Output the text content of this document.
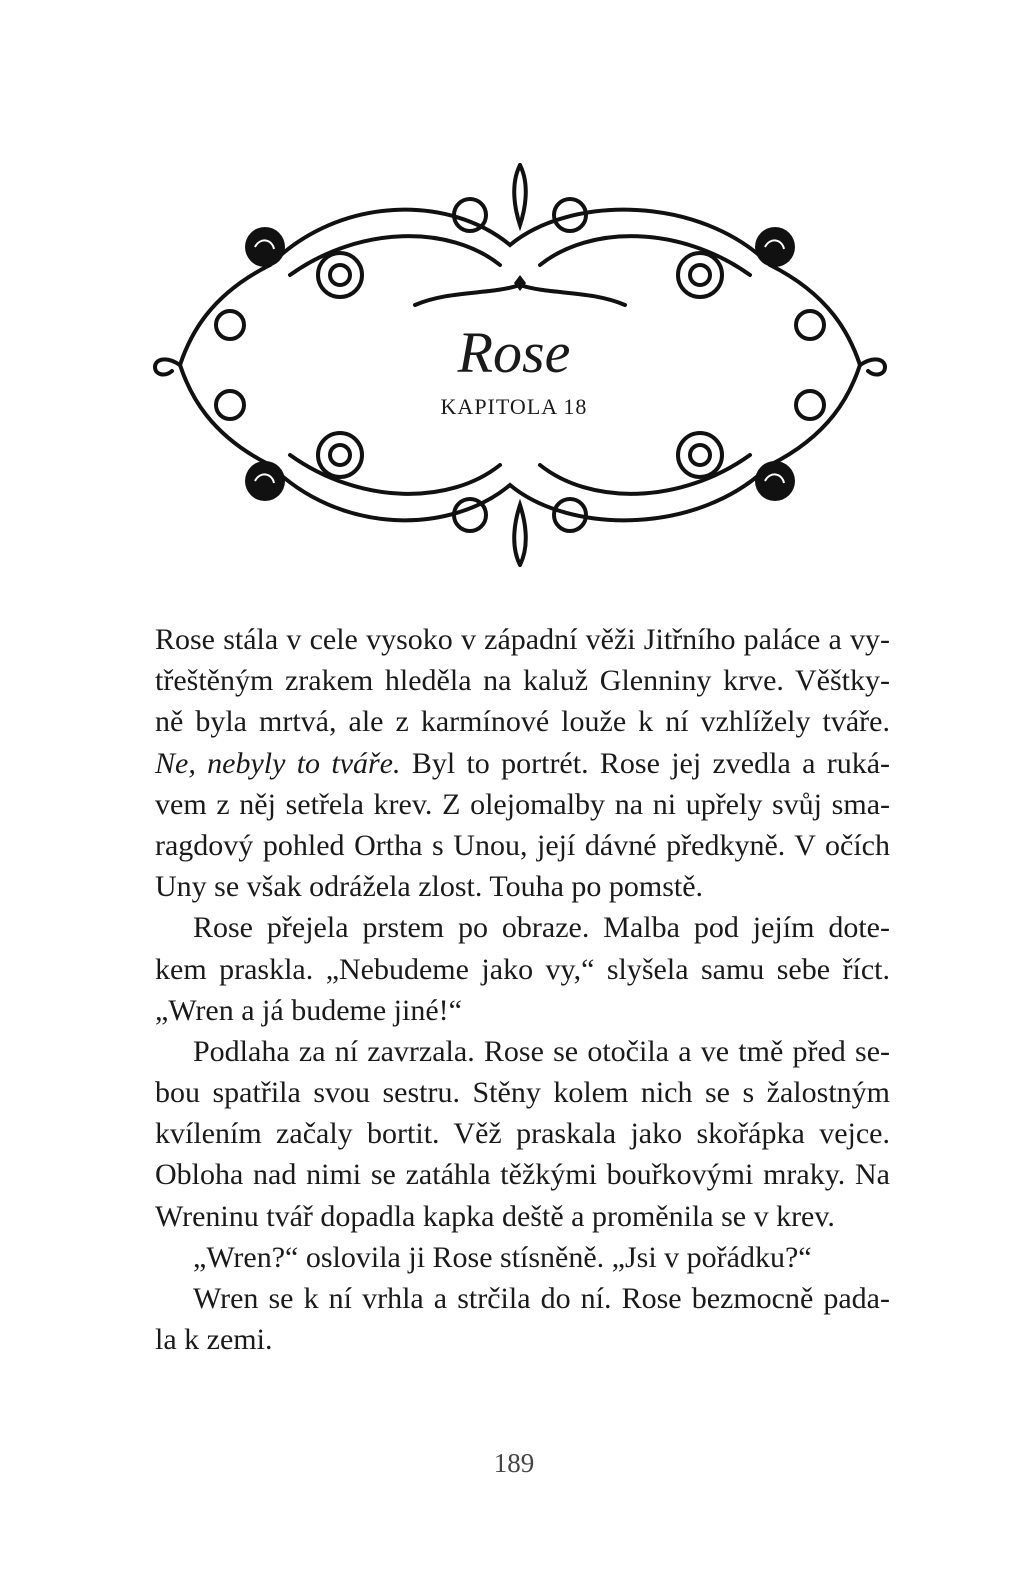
Rose
KAPITOLA 18
Rose stála v cele vysoko v západní věži Jitřního paláce a vy-
třeštěným zrakem hleděla na kaluž Glenniny krve. Věštky-
ně byla mrtvá, ale z karmínové louže k ní vzhlížely tváře.
Ne, nebyly to tváře. Byl to portrét. Rose jej zvedla a ruká-
vem z něj setřela krev. Z olejomalby na ni upřely svůj sma-
ragdový pohled Ortha s Unou, její dávné předkyně. V očích
Uny se však odrážela zlost. Touha po pomstě.
Rose přejela prstem po obraze. Malba pod jejím dote-
kem praskla. „Nebudeme jako vy,“ slyšela samu sebe říct.
„Wren a já budeme jiné!“
Podlaha za ní zavrzala. Rose se otočila a ve tmě před se-
bou spatřila svou sestru. Stěny kolem nich se s žalostným
kvílením začaly bortit. Věž praskala jako skořápka vejce.
Obloha nad nimi se zatáhla těžkými bouřkovými mraky. Na
Wreninu tvář dopadla kapka deště a proměnila se v krev.
„Wren?“ oslovila ji Rose stísněně. „Jsi v pořádku?“
Wren se k ní vrhla a strčila do ní. Rose bezmocně pada-
la k zemi.
189
